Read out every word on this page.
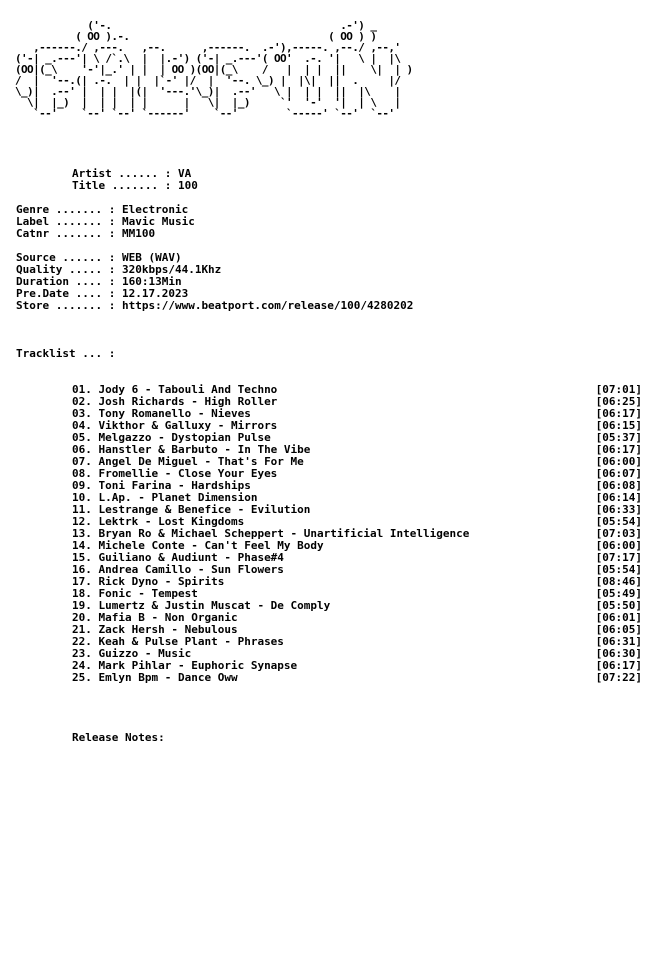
('-.                                      .-') _
( OO ).-.                                 ( OO ) )
,------./ ,---.   ,--.      ,------.  .-'),-----. ,--./ ,--,'
('-| _.---'| \ /`.\  |  |.-') ('-| _.---'( OO'  .-. '|   \ |  |\
(OO|(_\    '-'|_.' | |  | OO )(OO|(_\    /   |  | |  ||    \|  | )
/  |  '--.(| .-.  | |  |`-' |/  |  '--. \_) |  |\|  ||  .     |/
\_)|  .--' |  | |  |(|  '---.'\_)|  .--'   \ |  | |  ||  |\    |
\|  |_)  |  | |  | |      |   \|  |_)     `'  '-'  '|  | \   |
`--'    `--' `--' `------'    `--'        `-----' `--'  `--'
Artist ...... : VA
Title ....... : 100
Genre ....... : Electronic
Label ....... : Mavic Music
Catnr ....... : MM100
Source ...... : WEB (WAV)
Quality ..... : 320kbps/44.1Khz
Duration .... : 160:13Min
Pre.Date .... : 12.17.2023
Store ....... : https://www.beatport.com/release/100/4280202
Tracklist ... :
01. Jody 6 - Tabouli And Techno	[07:01]
02. Josh Richards - High Roller	[06:25]
03. Tony Romanello - Nieves	[06:17]
04. Vikthor & Galluxy - Mirrors	[06:15]
05. Melgazzo - Dystopian Pulse	[05:37]
06. Hanstler & Barbuto - In The Vibe	[06:17]
07. Angel De Miguel - That's For Me	[06:00]
08. Fromellie - Close Your Eyes	[06:07]
09. Toni Farina - Hardships	[06:08]
10. L.Ap. - Planet Dimension	[06:14]
11. Lestrange & Benefice - Evilution	[06:33]
12. Lektrk - Lost Kingdoms	[05:54]
13. Bryan Ro & Michael Scheppert - Unartificial Intelligence	[07:03]
14. Michele Conte - Can't Feel My Body	[06:00]
15. Guiliano & Audiunt - Phase#4	[07:17]
16. Andrea Camillo - Sun Flowers	[05:54]
17. Rick Dyno - Spirits	[08:46]
18. Fonic - Tempest	[05:49]
19. Lumertz & Justin Muscat - De Comply	[05:50]
20. Mafia B - Non Organic	[06:01]
21. Zack Hersh - Nebulous	[06:05]
22. Keah & Pulse Plant - Phrases	[06:31]
23. Guizzo - Music	[06:30]
24. Mark Pihlar - Euphoric Synapse	[06:17]
25. Emlyn Bpm - Dance Oww	[07:22]
Release Notes:
